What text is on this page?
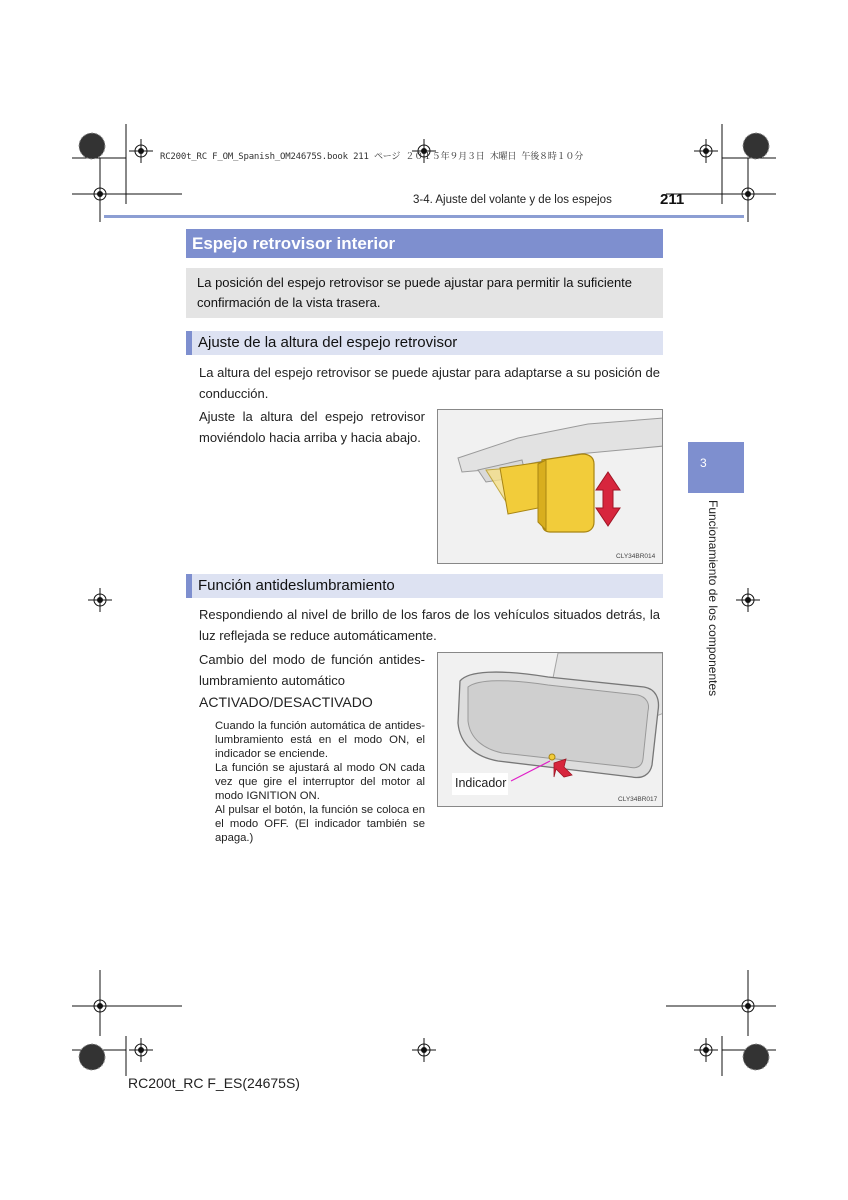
RC200t_RC F_OM_Spanish_OM24675S.book 211 ページ ２０１５年９月３日 木曜日 午後８時１０分
3-4. Ajuste del volante y de los espejos	211
Espejo retrovisor interior
La posición del espejo retrovisor se puede ajustar para permitir la suficiente confirmación de la vista trasera.
Ajuste de la altura del espejo retrovisor
La altura del espejo retrovisor se puede ajustar para adaptarse a su posición de conducción.
Ajuste la altura del espejo retrovisor moviéndolo hacia arriba y hacia abajo.
CLY34BR014
Función antideslumbramiento
Respondiendo al nivel de brillo de los faros de los vehículos situados detrás, la luz reflejada se reduce automáticamente.
Cambio del modo de función antides-lumbramiento automático
ACTIVADO/DESACTIVADO
Cuando la función automática de antides-lumbramiento está en el modo ON, el indicador se enciende.
La función se ajustará al modo ON cada vez que gire el interruptor del motor al modo IGNITION ON.
Al pulsar el botón, la función se coloca en el modo OFF. (El indicador también se apaga.)
Indicador
CLY34BR017
3
Funcionamiento de los componentes
RC200t_RC F_ES(24675S)
